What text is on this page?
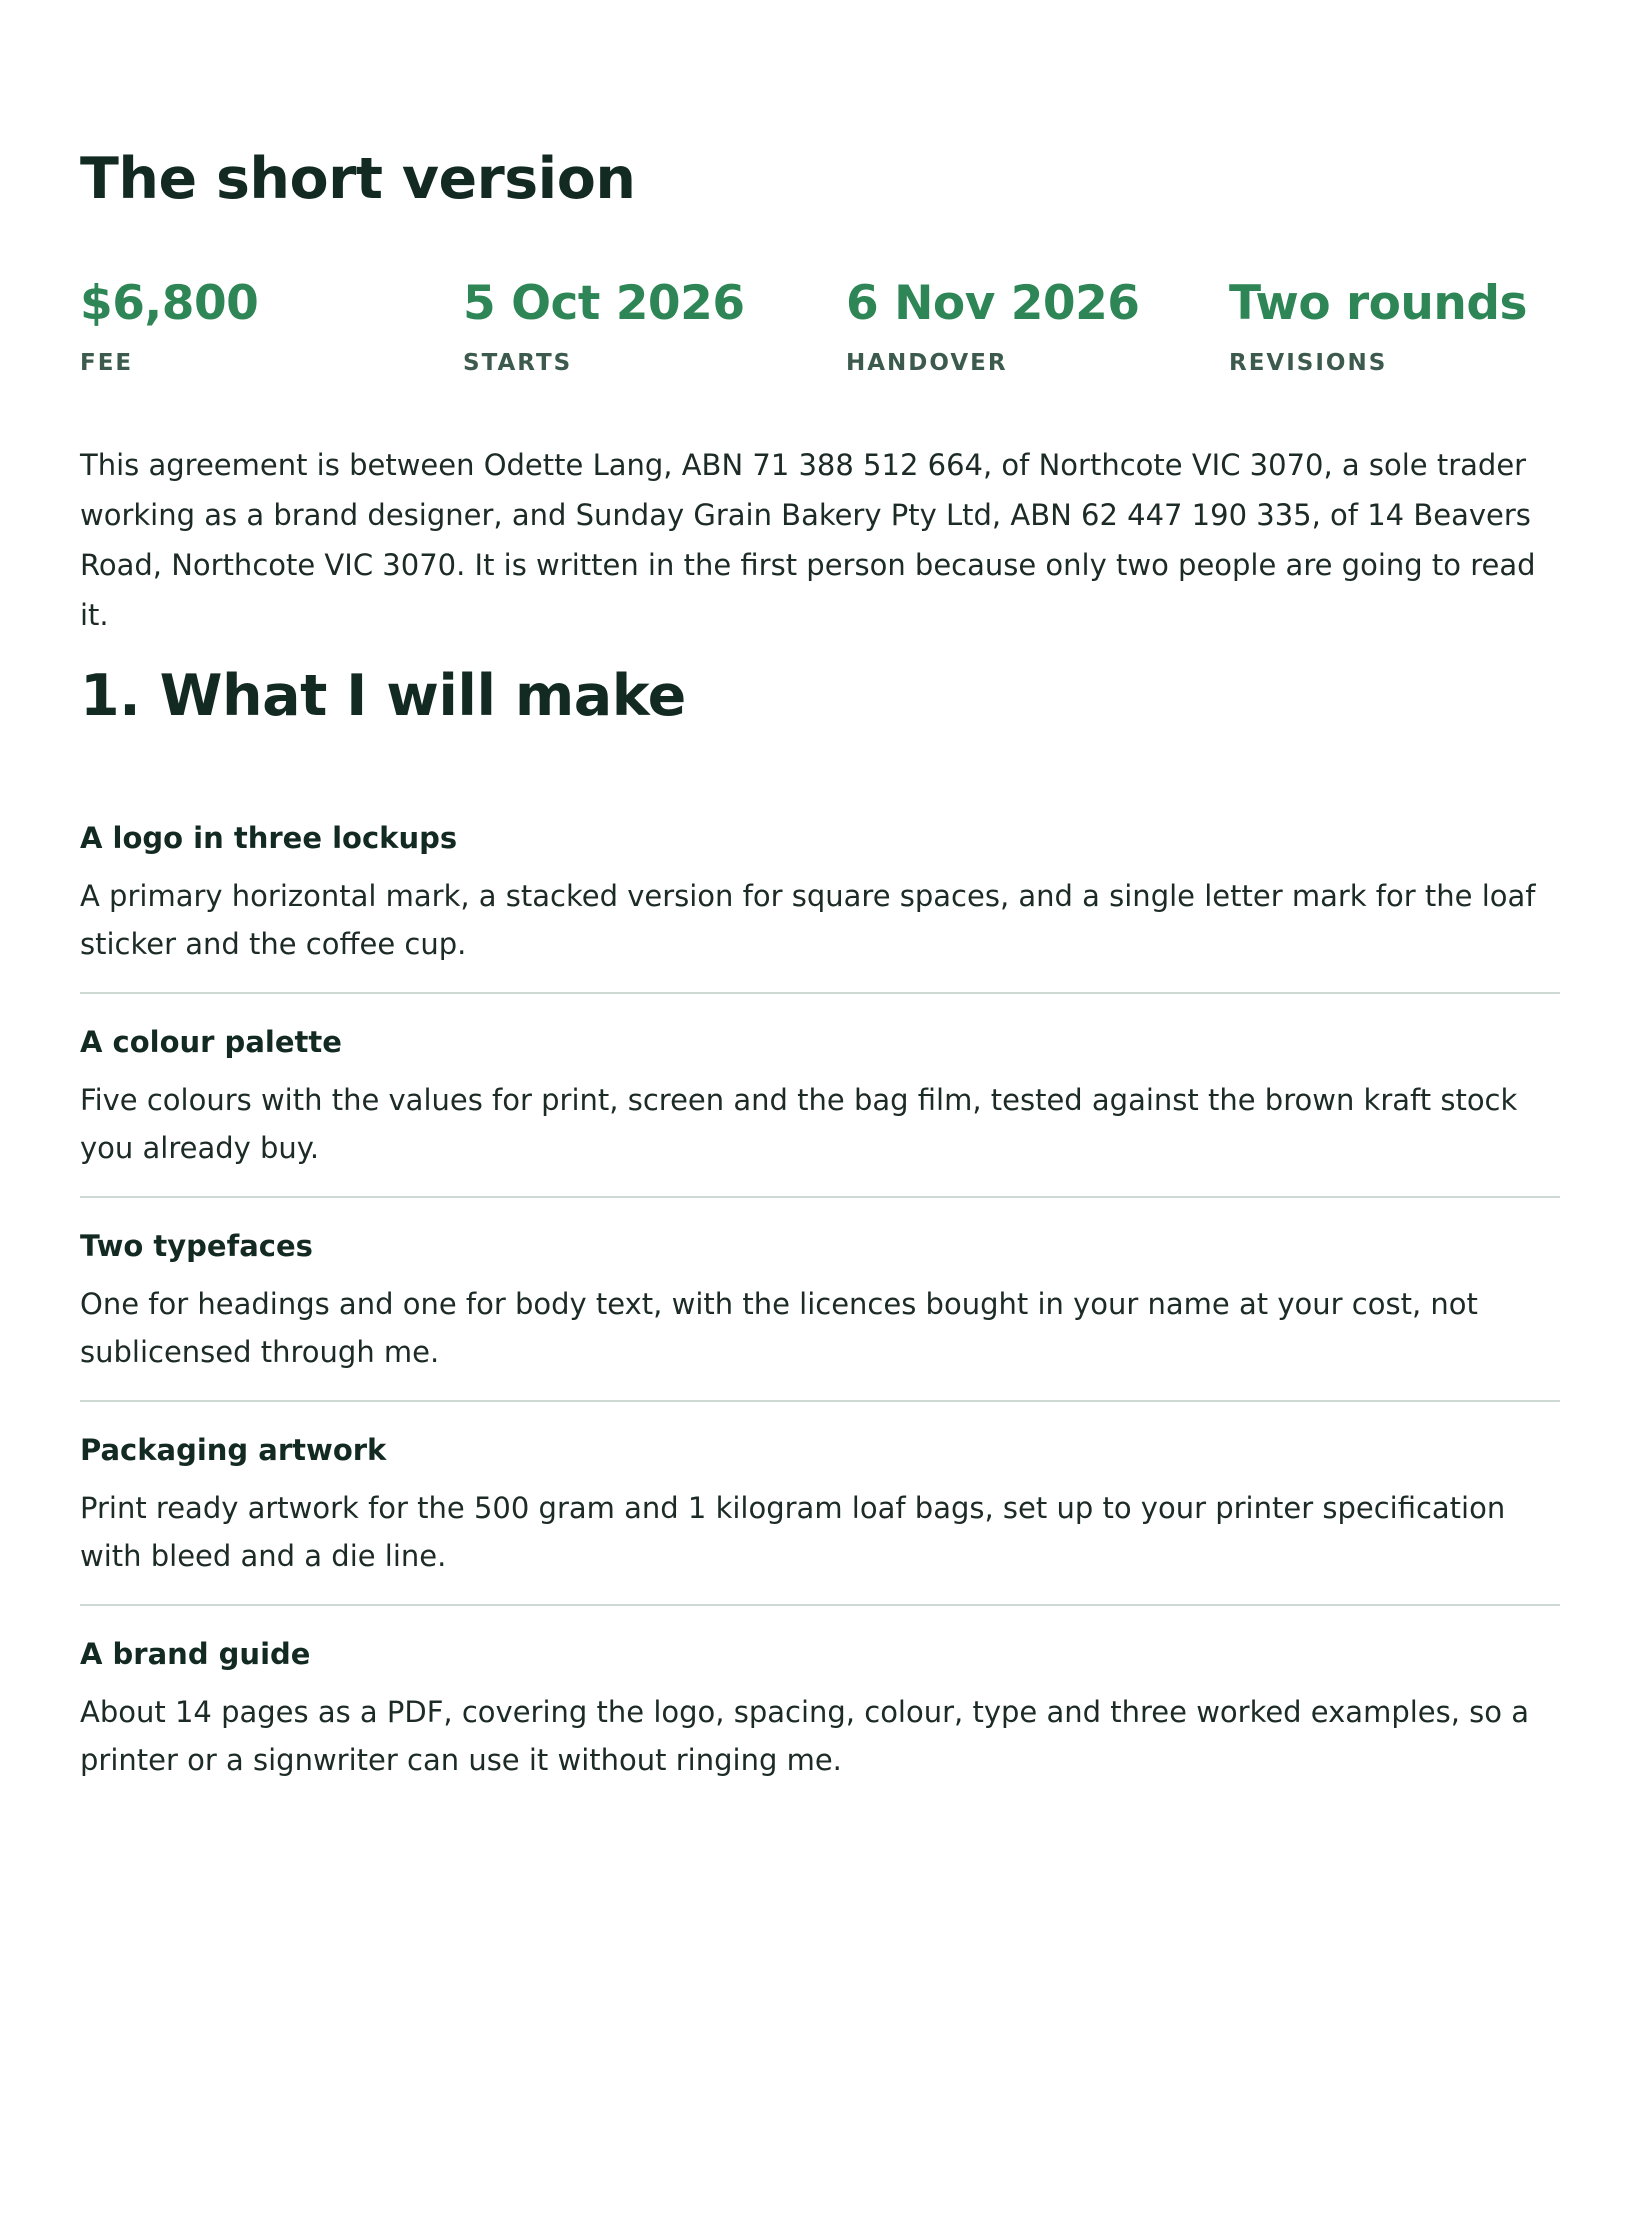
The short version
$6,800
FEE
5 Oct 2026
STARTS
6 Nov 2026
HANDOVER
Two rounds
REVISIONS

This agreement is between Odette Lang, ABN 71 388 512 664, of Northcote VIC 3070, a sole trader working as a brand designer, and Sunday Grain Bakery Pty Ltd, ABN 62 447 190 335, of 14 Beavers Road, Northcote VIC 3070. It is written in the first person because only two people are going to read it.

1. What I will make
A logo in three lockups
A primary horizontal mark, a stacked version for square spaces, and a single letter mark for the loaf sticker and the coffee cup.
A colour palette
Five colours with the values for print, screen and the bag film, tested against the brown kraft stock you already buy.
Two typefaces
One for headings and one for body text, with the licences bought in your name at your cost, not sublicensed through me.
Packaging artwork
Print ready artwork for the 500 gram and 1 kilogram loaf bags, set up to your printer specification with bleed and a die line.
A brand guide
About 14 pages as a PDF, covering the logo, spacing, colour, type and three worked examples, so a printer or a signwriter can use it without ringing me.
